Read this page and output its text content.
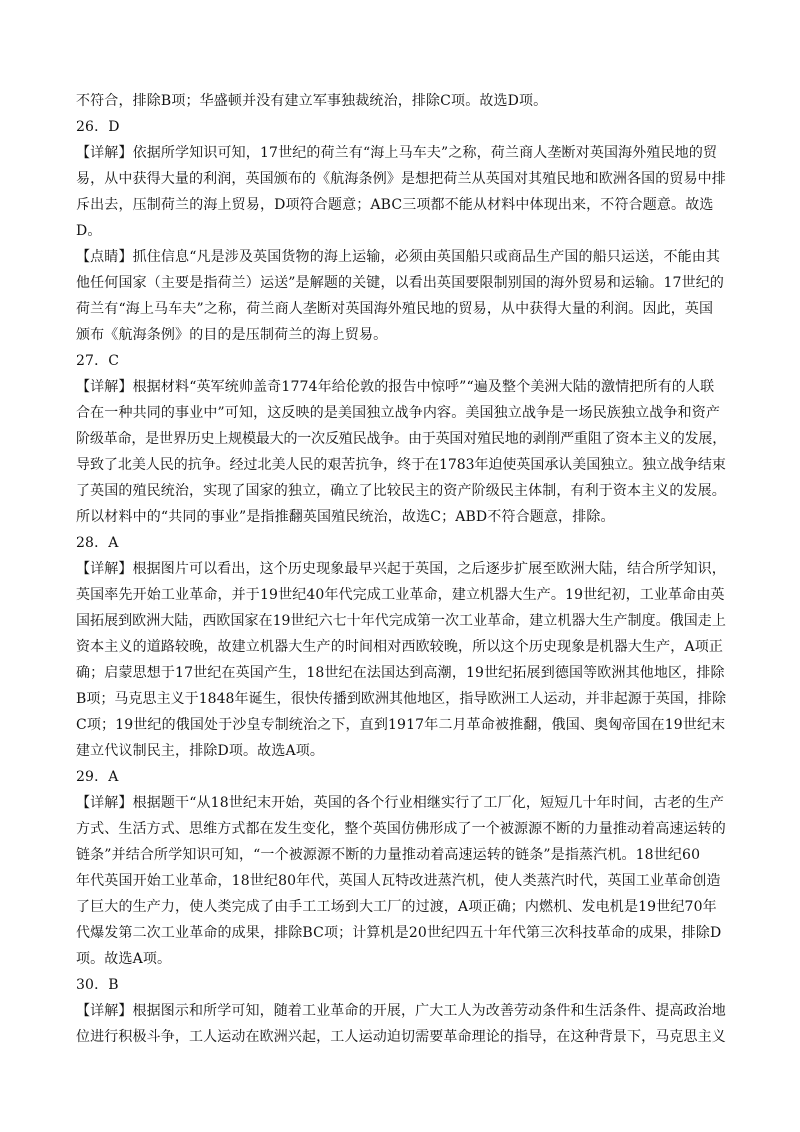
不符合，排除B项；华盛顿并没有建立军事独裁统治，排除C项。故选D项。
26．D
【详解】依据所学知识可知，17世纪的荷兰有“海上马车夫”之称，荷兰商人垄断对英国海外殖民地的贸
易，从中获得大量的利润，英国颁布的《航海条例》是想把荷兰从英国对其殖民地和欧洲各国的贸易中排
斥出去，压制荷兰的海上贸易，D项符合题意；ABC三项都不能从材料中体现出来，不符合题意。故选
D。
【点睛】抓住信息“凡是涉及英国货物的海上运输，必须由英国船只或商品生产国的船只运送，不能由其
他任何国家（主要是指荷兰）运送”是解题的关键，以看出英国要限制别国的海外贸易和运输。17世纪的
荷兰有“海上马车夫”之称，荷兰商人垄断对英国海外殖民地的贸易，从中获得大量的利润。因此，英国
颁布《航海条例》的目的是压制荷兰的海上贸易。
27．C
【详解】根据材料“英军统帅盖奇1774年给伦敦的报告中惊呼”“遍及整个美洲大陆的激情把所有的人联
合在一种共同的事业中”可知，这反映的是美国独立战争内容。美国独立战争是一场民族独立战争和资产
阶级革命，是世界历史上规模最大的一次反殖民战争。由于英国对殖民地的剥削严重阻了资本主义的发展，
导致了北美人民的抗争。经过北美人民的艰苦抗争，终于在1783年迫使英国承认美国独立。独立战争结束
了英国的殖民统治，实现了国家的独立，确立了比较民主的资产阶级民主体制，有利于资本主义的发展。
所以材料中的“共同的事业”是指推翻英国殖民统治，故选C；ABD不符合题意，排除。
28．A
【详解】根据图片可以看出，这个历史现象最早兴起于英国，之后逐步扩展至欧洲大陆，结合所学知识，
英国率先开始工业革命，并于19世纪40年代完成工业革命，建立机器大生产。19世纪初，工业革命由英
国拓展到欧洲大陆，西欧国家在19世纪六七十年代完成第一次工业革命，建立机器大生产制度。俄国走上
资本主义的道路较晚，故建立机器大生产的时间相对西欧较晚，所以这个历史现象是机器大生产，A项正
确；启蒙思想于17世纪在英国产生，18世纪在法国达到高潮，19世纪拓展到德国等欧洲其他地区，排除
B项；马克思主义于1848年诞生，很快传播到欧洲其他地区，指导欧洲工人运动，并非起源于英国，排除
C项；19世纪的俄国处于沙皇专制统治之下，直到1917年二月革命被推翻，俄国、奥匈帝国在19世纪末
建立代议制民主，排除D项。故选A项。
29．A
【详解】根据题干“从18世纪末开始，英国的各个行业相继实行了工厂化，短短几十年时间，古老的生产
方式、生活方式、思维方式都在发生变化，整个英国仿佛形成了一个被源源不断的力量推动着高速运转的
链条”并结合所学知识可知，“一个被源源不断的力量推动着高速运转的链条”是指蒸汽机。18世纪60
年代英国开始工业革命，18世纪80年代，英国人瓦特改进蒸汽机，使人类蒸汽时代，英国工业革命创造
了巨大的生产力，使人类完成了由手工工场到大工厂的过渡，A项正确；内燃机、发电机是19世纪70年
代爆发第二次工业革命的成果，排除BC项；计算机是20世纪四五十年代第三次科技革命的成果，排除D
项。故选A项。
30．B
【详解】根据图示和所学可知，随着工业革命的开展，广大工人为改善劳动条件和生活条件、提高政治地
位进行积极斗争，工人运动在欧洲兴起，工人运动迫切需要革命理论的指导，在这种背景下，马克思主义
